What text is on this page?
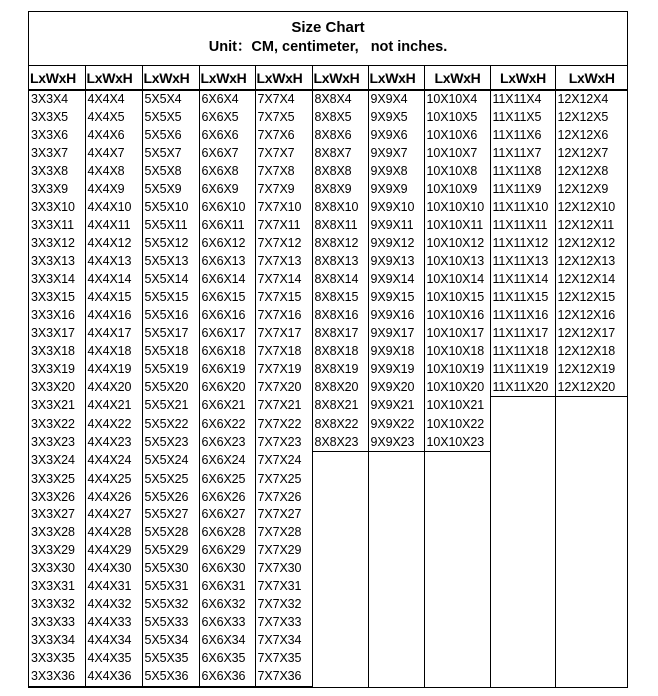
Size Chart
Unit：CM, centimeter,   not inches.
LxWxH	LxWxH	LxWxH	LxWxH	LxWxH	LxWxH	LxWxH	LxWxH	LxWxH	LxWxH
3X3X4	4X4X4	5X5X4	6X6X4	7X7X4	8X8X4	9X9X4	10X10X4	11X11X4	12X12X4
3X3X5	4X4X5	5X5X5	6X6X5	7X7X5	8X8X5	9X9X5	10X10X5	11X11X5	12X12X5
3X3X6	4X4X6	5X5X6	6X6X6	7X7X6	8X8X6	9X9X6	10X10X6	11X11X6	12X12X6
3X3X7	4X4X7	5X5X7	6X6X7	7X7X7	8X8X7	9X9X7	10X10X7	11X11X7	12X12X7
3X3X8	4X4X8	5X5X8	6X6X8	7X7X8	8X8X8	9X9X8	10X10X8	11X11X8	12X12X8
3X3X9	4X4X9	5X5X9	6X6X9	7X7X9	8X8X9	9X9X9	10X10X9	11X11X9	12X12X9
3X3X10	4X4X10	5X5X10	6X6X10	7X7X10	8X8X10	9X9X10	10X10X10	11X11X10	12X12X10
3X3X11	4X4X11	5X5X11	6X6X11	7X7X11	8X8X11	9X9X11	10X10X11	11X11X11	12X12X11
3X3X12	4X4X12	5X5X12	6X6X12	7X7X12	8X8X12	9X9X12	10X10X12	11X11X12	12X12X12
3X3X13	4X4X13	5X5X13	6X6X13	7X7X13	8X8X13	9X9X13	10X10X13	11X11X13	12X12X13
3X3X14	4X4X14	5X5X14	6X6X14	7X7X14	8X8X14	9X9X14	10X10X14	11X11X14	12X12X14
3X3X15	4X4X15	5X5X15	6X6X15	7X7X15	8X8X15	9X9X15	10X10X15	11X11X15	12X12X15
3X3X16	4X4X16	5X5X16	6X6X16	7X7X16	8X8X16	9X9X16	10X10X16	11X11X16	12X12X16
3X3X17	4X4X17	5X5X17	6X6X17	7X7X17	8X8X17	9X9X17	10X10X17	11X11X17	12X12X17
3X3X18	4X4X18	5X5X18	6X6X18	7X7X18	8X8X18	9X9X18	10X10X18	11X11X18	12X12X18
3X3X19	4X4X19	5X5X19	6X6X19	7X7X19	8X8X19	9X9X19	10X10X19	11X11X19	12X12X19
3X3X20	4X4X20	5X5X20	6X6X20	7X7X20	8X8X20	9X9X20	10X10X20	11X11X20	12X12X20
3X3X21	4X4X21	5X5X21	6X6X21	7X7X21	8X8X21	9X9X21	10X10X21		
3X3X22	4X4X22	5X5X22	6X6X22	7X7X22	8X8X22	9X9X22	10X10X22		
3X3X23	4X4X23	5X5X23	6X6X23	7X7X23	8X8X23	9X9X23	10X10X23		
3X3X24	4X4X24	5X5X24	6X6X24	7X7X24					
3X3X25	4X4X25	5X5X25	6X6X25	7X7X25					
3X3X26	4X4X26	5X5X26	6X6X26	7X7X26					
3X3X27	4X4X27	5X5X27	6X6X27	7X7X27					
3X3X28	4X4X28	5X5X28	6X6X28	7X7X28					
3X3X29	4X4X29	5X5X29	6X6X29	7X7X29					
3X3X30	4X4X30	5X5X30	6X6X30	7X7X30					
3X3X31	4X4X31	5X5X31	6X6X31	7X7X31					
3X3X32	4X4X32	5X5X32	6X6X32	7X7X32					
3X3X33	4X4X33	5X5X33	6X6X33	7X7X33					
3X3X34	4X4X34	5X5X34	6X6X34	7X7X34					
3X3X35	4X4X35	5X5X35	6X6X35	7X7X35					
3X3X36	4X4X36	5X5X36	6X6X36	7X7X36					
